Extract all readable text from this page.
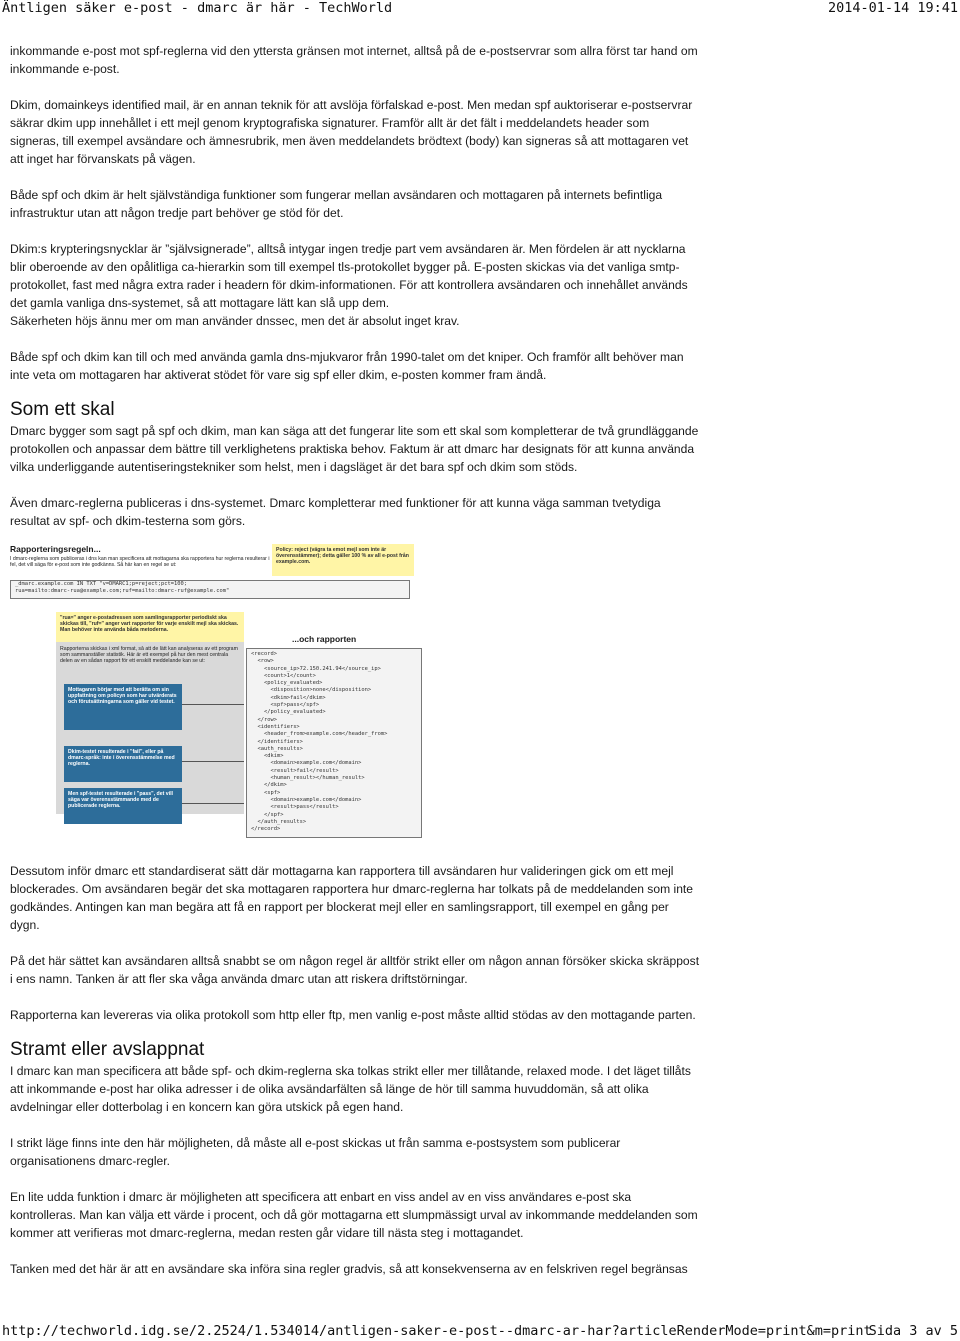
Äntligen säker e-post - dmarc är här - TechWorld	2014-01-14 19:41

inkommande e-post mot spf-reglerna vid den yttersta gränsen mot internet, alltså på de e-postservrar som allra först tar hand om inkommande e-post.

Dkim, domainkeys identified mail, är en annan teknik för att avslöja förfalskad e-post. Men medan spf auktoriserar e-postservrar säkrar dkim upp innehållet i ett mejl genom kryptografiska signaturer. Framför allt är det fält i meddelandets header som signeras, till exempel avsändare och ämnesrubrik, men även meddelandets brödtext (body) kan signeras så att mottagaren vet att inget har förvanskats på vägen.

Både spf och dkim är helt självständiga funktioner som fungerar mellan avsändaren och mottagaren på internets befintliga infrastruktur utan att någon tredje part behöver ge stöd för det.

Dkim:s krypteringsnycklar är ”självsignerade”, alltså intygar ingen tredje part vem avsändaren är. Men fördelen är att nycklarna blir oberoende av den opålitliga ca-hierarkin som till exempel tls-protokollet bygger på. E-posten skickas via det vanliga smtp-protokollet, fast med några extra rader i headern för dkim-informationen. För att kontrollera avsändaren och innehållet används det gamla vanliga dns-systemet, så att mottagare lätt kan slå upp dem.

Säkerheten höjs ännu mer om man använder dnssec, men det är absolut inget krav.

Både spf och dkim kan till och med använda gamla dns-mjukvaror från 1990-talet om det kniper. Och framför allt behöver man inte veta om mottagaren har aktiverat stödet för vare sig spf eller dkim, e-posten kommer fram ändå.

Som ett skal

Dmarc bygger som sagt på spf och dkim, man kan säga att det fungerar lite som ett skal som kompletterar de två grundläggande protokollen och anpassar dem bättre till verklighetens praktiska behov. Faktum är att dmarc har designats för att kunna använda vilka underliggande autentiseringstekniker som helst, men i dagsläget är det bara spf och dkim som stöds.

Även dmarc-reglerna publiceras i dns-systemet. Dmarc kompletterar med funktioner för att kunna väga samman tvetydiga resultat av spf- och dkim-testerna som görs.

Rapporteringsregeln...
I dmarc-reglerna som publiceras i dns kan man specificera att mottagarna ska rapportera hur reglerna resulterar i fel, det vill säga för e-post som inte godkänns. Så här kan en regel se ut:
Policy: reject (vägra ta emot mejl som inte är överensstämmer); detta gäller 100 % av all e-post från example.com.
_dmarc.example.com IN TXT "v=DMARC1;p=reject;pct=100;
rua=mailto:dmarc-rua@example.com;ruf=mailto:dmarc-ruf@example.com"
"rua=" anger e-postadressen som samlingsrapporter periodiskt ska skickas till, "ruf=" anger vart rapporter för varje enskilt mejl ska skickas. Man behöver inte använda båda metoderna.
Rapporterna skickas i xml format, så att de lätt kan analyseras av ett program som sammanställer statistik. Här är ett exempel på hur den mest centrala delen av en sådan rapport för ett enskilt meddelande kan se ut:
Mottagaren börjar med att berätta om sin uppfattning om policyn som har utvärderats och förutsättningarna som gäller vid testet.
Dkim-testet resulterade i "fail", eller på dmarc-språk: inte i överensstämmelse med reglerna.
Men spf-testet resulterade i "pass", det vill säga var överensstämmande med de publicerade reglerna.
...och rapporten
<record>
<row>
<source_ip>72.150.241.94</source_ip>
<count>1</count>
<policy_evaluated>
<disposition>none</disposition>
<dkim>fail</dkim>
<spf>pass</spf>
</policy_evaluated>
</row>
<identifiers>
<header_from>example.com</header_from>
</identifiers>
<auth_results>
<dkim>
<domain>example.com</domain>
<result>fail</result>
<human_result></human_result>
</dkim>
<spf>
<domain>example.com</domain>
<result>pass</result>
</spf>
</auth_results>
</record>

Dessutom inför dmarc ett standardiserat sätt där mottagarna kan rapportera till avsändaren hur valideringen gick om ett mejl blockerades. Om avsändaren begär det ska mottagaren rapportera hur dmarc-reglerna har tolkats på de meddelanden som inte godkändes. Antingen kan man begära att få en rapport per blockerat mejl eller en samlingsrapport, till exempel en gång per dygn.

På det här sättet kan avsändaren alltså snabbt se om någon regel är alltför strikt eller om någon annan försöker skicka skräppost i ens namn. Tanken är att fler ska våga använda dmarc utan att riskera driftstörningar.

Rapporterna kan levereras via olika protokoll som http eller ftp, men vanlig e-post måste alltid stödas av den mottagande parten.

Stramt eller avslappnat

I dmarc kan man specificera att både spf- och dkim-reglerna ska tolkas strikt eller mer tillåtande, relaxed mode. I det läget tillåts att inkommande e-post har olika adresser i de olika avsändarfälten så länge de hör till samma huvuddomän, så att olika avdelningar eller dotterbolag i en koncern kan göra utskick på egen hand.

I strikt läge finns inte den här möjligheten, då måste all e-post skickas ut från samma e-postsystem som publicerar organisationens dmarc-regler.

En lite udda funktion i dmarc är möjligheten att specificera att enbart en viss andel av en viss användares e-post ska kontrolleras. Man kan välja ett värde i procent, och då gör mottagarna ett slumpmässigt urval av inkommande meddelanden som kommer att verifieras mot dmarc-reglerna, medan resten går vidare till nästa steg i mottagandet.

Tanken med det här är att en avsändare ska införa sina regler gradvis, så att konsekvenserna av en felskriven regel begränsas

http://techworld.idg.se/2.2524/1.534014/antligen-saker-e-post--dmarc-ar-har?articleRenderMode=print&m=print
Sida 3 av 5
